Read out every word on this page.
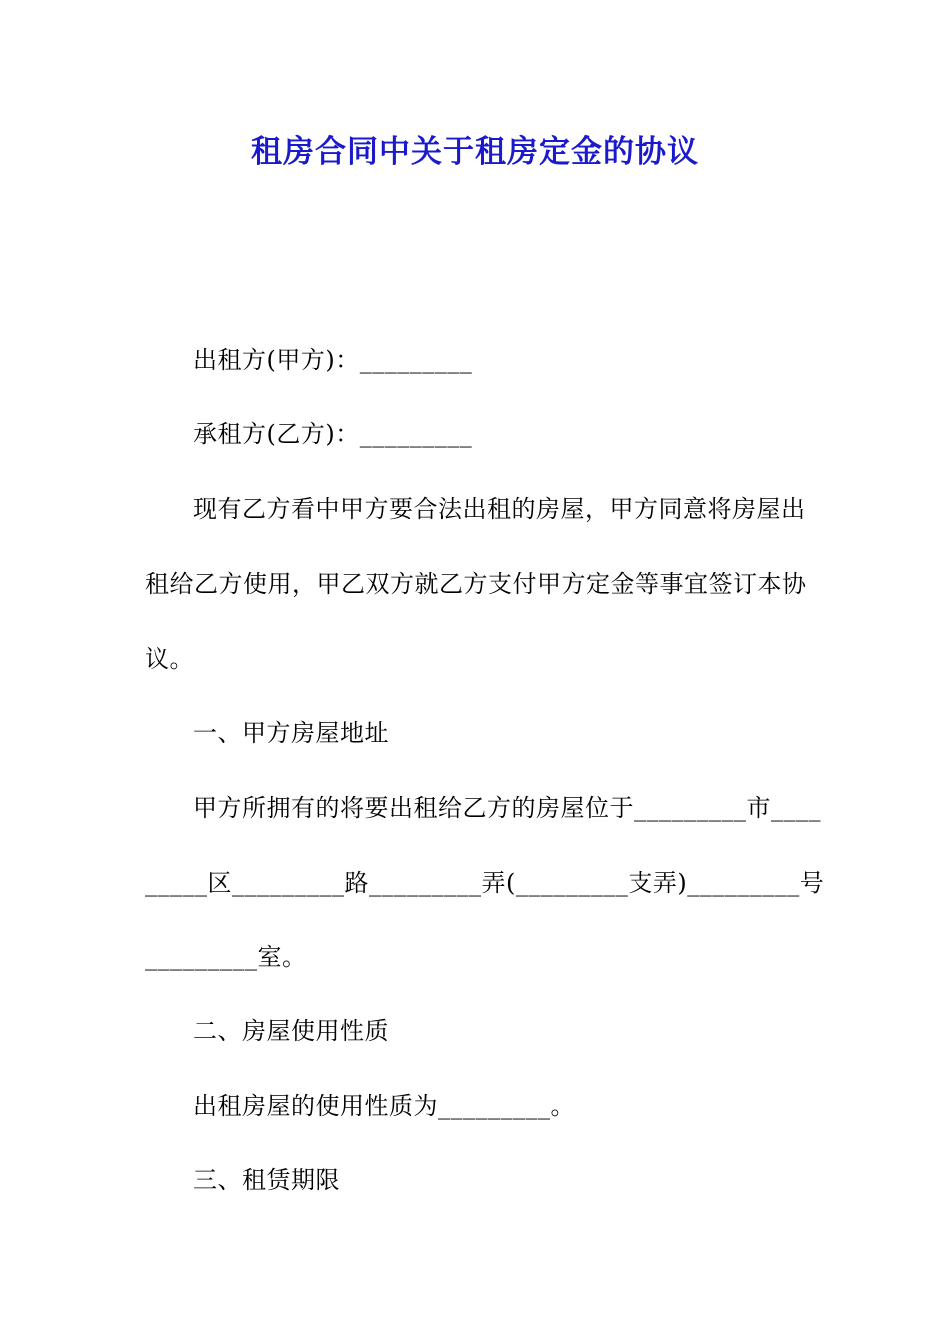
租房合同中关于租房定金的协议
出租方(甲方)：_________
承租方(乙方)：_________
现有乙方看中甲方要合法出租的房屋，甲方同意将房屋出
租给乙方使用，甲乙双方就乙方支付甲方定金等事宜签订本协
议。
一、甲方房屋地址
甲方所拥有的将要出租给乙方的房屋位于_________市____
_____区_________路_________弄(_________支弄)_________号
_________室。
二、房屋使用性质
出租房屋的使用性质为_________。
三、租赁期限
